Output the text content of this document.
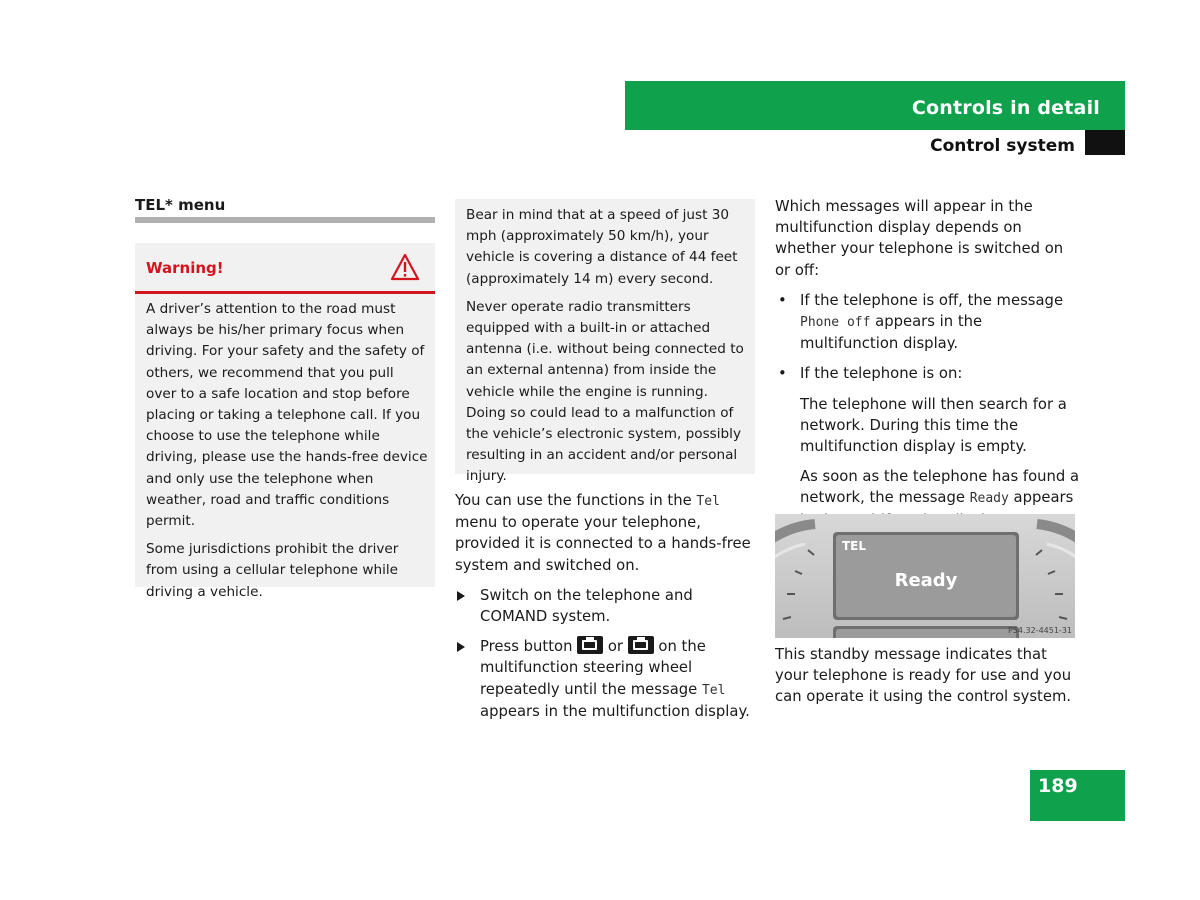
Controls in detail
Control system
TEL* menu
Warning!

A driver’s attention to the road must always be his/her primary focus when driving. For your safety and the safety of others, we recommend that you pull over to a safe location and stop before placing or taking a telephone call. If you choose to use the telephone while driving, please use the hands-free device and only use the telephone when weather, road and traffic conditions permit.

Some jurisdictions prohibit the driver from using a cellular telephone while driving a vehicle.

Bear in mind that at a speed of just 30 mph (approximately 50 km/h), your vehicle is covering a distance of 44 feet (approximately 14 m) every second.

Never operate radio transmitters equipped with a built-in or attached antenna (i.e. without being connected to an external antenna) from inside the vehicle while the engine is running. Doing so could lead to a malfunction of the vehicle’s electronic system, possibly resulting in an accident and/or personal injury.

You can use the functions in the Tel menu to operate your telephone, provided it is connected to a hands-free system and switched on.

Switch on the telephone and COMAND system.
Press button  or  on the multifunction steering wheel repeatedly until the message Tel appears in the multifunction display.

Which messages will appear in the multifunction display depends on whether your telephone is switched on or off:

• If the telephone is off, the message Phone off appears in the multifunction display.
• If the telephone is on:

The telephone will then search for a network. During this time the multifunction display is empty.

As soon as the telephone has found a network, the message Ready appears

TEL
Ready
P54.32-4451-31

This standby message indicates that your telephone is ready for use and you can operate it using the control system.

189
